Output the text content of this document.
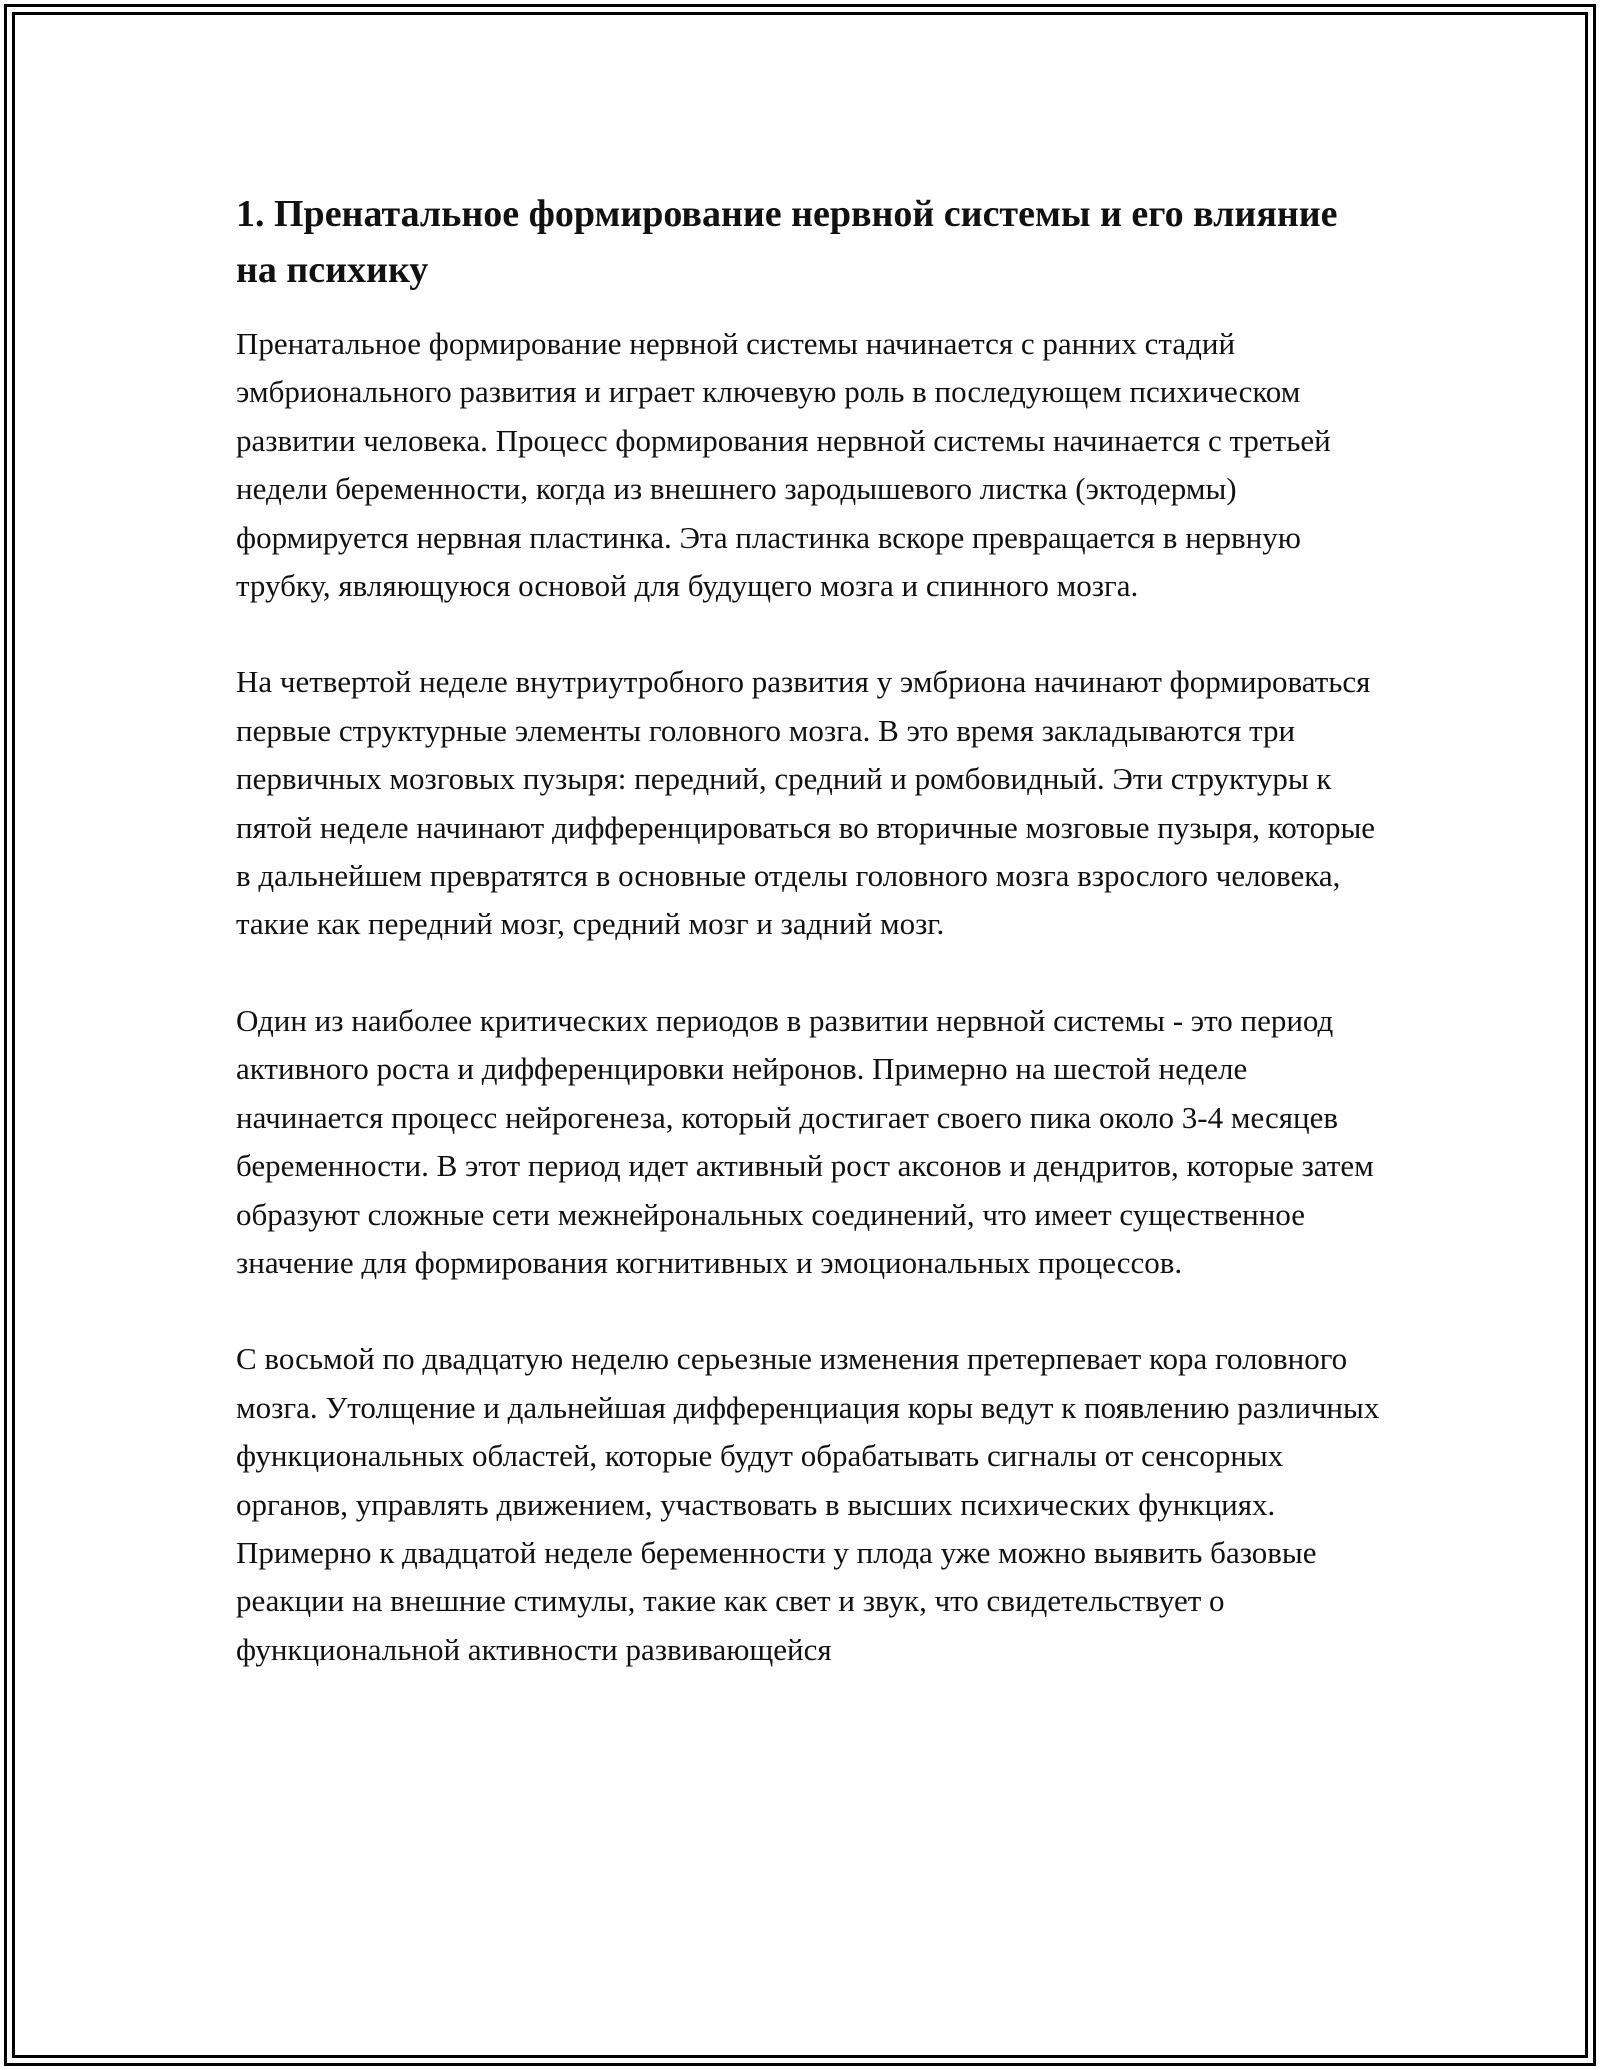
1. Пренатальное формирование нервной системы и его влияние на психику

Пренатальное формирование нервной системы начинается с ранних стадий эмбрионального развития и играет ключевую роль в последующем психическом развитии человека. Процесс формирования нервной системы начинается с третьей недели беременности, когда из внешнего зародышевого листка (эктодермы) формируется нервная пластинка. Эта пластинка вскоре превращается в нервную трубку, являющуюся основой для будущего мозга и спинного мозга.

На четвертой неделе внутриутробного развития у эмбриона начинают формироваться первые структурные элементы головного мозга. В это время закладываются три первичных мозговых пузыря: передний, средний и ромбовидный. Эти структуры к пятой неделе начинают дифференцироваться во вторичные мозговые пузыря, которые в дальнейшем превратятся в основные отделы головного мозга взрослого человека, такие как передний мозг, средний мозг и задний мозг.

Один из наиболее критических периодов в развитии нервной системы - это период активного роста и дифференцировки нейронов. Примерно на шестой неделе начинается процесс нейрогенеза, который достигает своего пика около 3-4 месяцев беременности. В этот период идет активный рост аксонов и дендритов, которые затем образуют сложные сети межнейрональных соединений, что имеет существенное значение для формирования когнитивных и эмоциональных процессов.

С восьмой по двадцатую неделю серьезные изменения претерпевает кора головного мозга. Утолщение и дальнейшая дифференциация коры ведут к появлению различных функциональных областей, которые будут обрабатывать сигналы от сенсорных органов, управлять движением, участвовать в высших психических функциях. Примерно к двадцатой неделе беременности у плода уже можно выявить базовые реакции на внешние стимулы, такие как свет и звук, что свидетельствует о функциональной активности развивающейся
